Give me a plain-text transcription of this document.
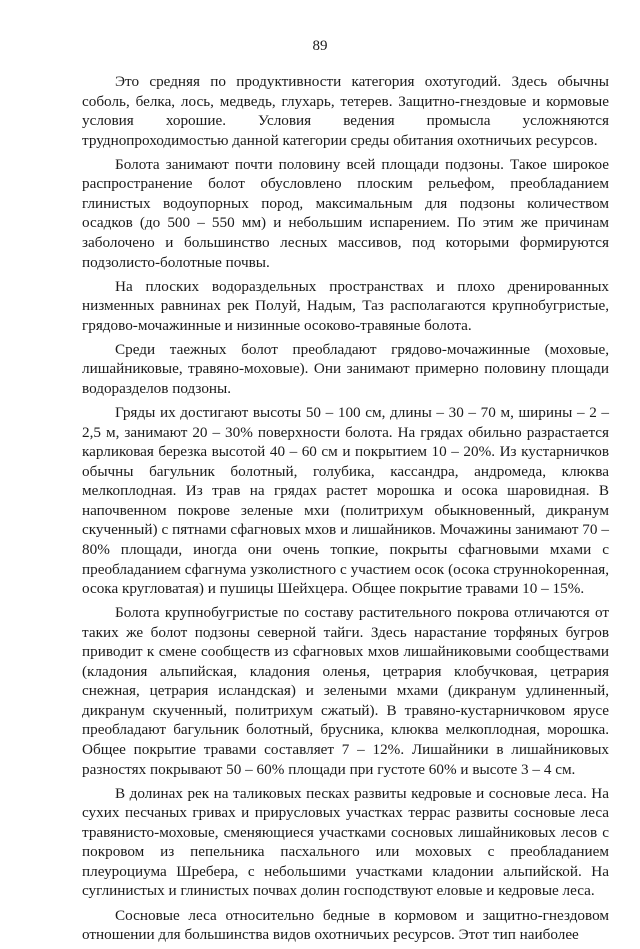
89

Это средняя по продуктивности категория охотугодий. Здесь обычны соболь, белка, лось, медведь, глухарь, тетерев. Защитно-гнездовые и кормовые условия хорошие. Условия ведения промысла усложняются труднопроходимостью данной категории среды обитания охотничьих ресурсов.

Болота занимают почти половину всей площади подзоны. Такое широкое распространение болот обусловлено плоским рельефом, преобладанием глинистых водоупорных пород, максимальным для подзоны количеством осадков (до 500 – 550 мм) и небольшим испарением. По этим же причинам заболочено и большинство лесных массивов, под которыми формируются подзолисто-болотные почвы.

На плоских водораздельных пространствах и плохо дренированных низменных равнинах рек Полуй, Надым, Таз располагаются крупнобугристые, грядово-мочажинные и низинные осоково-травяные болота.

Среди таежных болот преобладают грядово-мочажинные (моховые, лишайниковые, травяно-моховые). Они занимают примерно половину площади водоразделов подзоны.

Гряды их достигают высоты 50 – 100 см, длины – 30 – 70 м, ширины – 2 – 2,5 м, занимают 20 – 30% поверхности болота. На грядах обильно разрастается карликовая березка высотой 40 – 60 см и покрытием 10 – 20%. Из кустарничков обычны багульник болотный, голубика, кассандра, андромеда, клюква мелкоплодная. Из трав на грядах растет морошка и осока шаровидная. В напочвенном покрове зеленые мхи (политрихум обыкновенный, дикранум скученный) с пятнами сфагновых мхов и лишайников. Мочажины занимают 70 – 80% площади, иногда они очень топкие, покрыты сфагновыми мхами с преобладанием сфагнума узколистного с участием осок (осока струнноkоренная, осока кругловатая) и пушицы Шейхцера. Общее покрытие травами 10 – 15%.

Болота крупнобугристые по составу растительного покрова отличаются от таких же болот подзоны северной тайги. Здесь нарастание торфяных бугров приводит к смене сообществ из сфагновых мхов лишайниковыми сообществами (кладония альпийская, кладония оленья, цетрария клобучковая, цетрария снежная, цетрария исландская) и зелеными мхами (дикранум удлиненный, дикранум скученный, политрихум сжатый). В травяно-кустарничковом ярусе преобладают багульник болотный, брусника, клюква мелкоплодная, морошка. Общее покрытие травами составляет 7 – 12%. Лишайники в лишайниковых разностях покрывают 50 – 60% площади при густоте 60% и высоте 3 – 4 см.

В долинах рек на таликовых песках развиты кедровые и сосновые леса. На сухих песчаных гривах и прирусловых участках террас развиты сосновые леса травянисто-моховые, сменяющиеся участками сосновых лишайниковых лесов с покровом из пепельника пасхального или моховых с преобладанием плеуроциума Шребера, с небольшими участками кладонии альпийской. На суглинистых и глинистых почвах долин господствуют еловые и кедровые леса.

Сосновые леса относительно бедные в кормовом и защитно-гнездовом отношении для большинства видов охотничьих ресурсов. Этот тип наиболее
